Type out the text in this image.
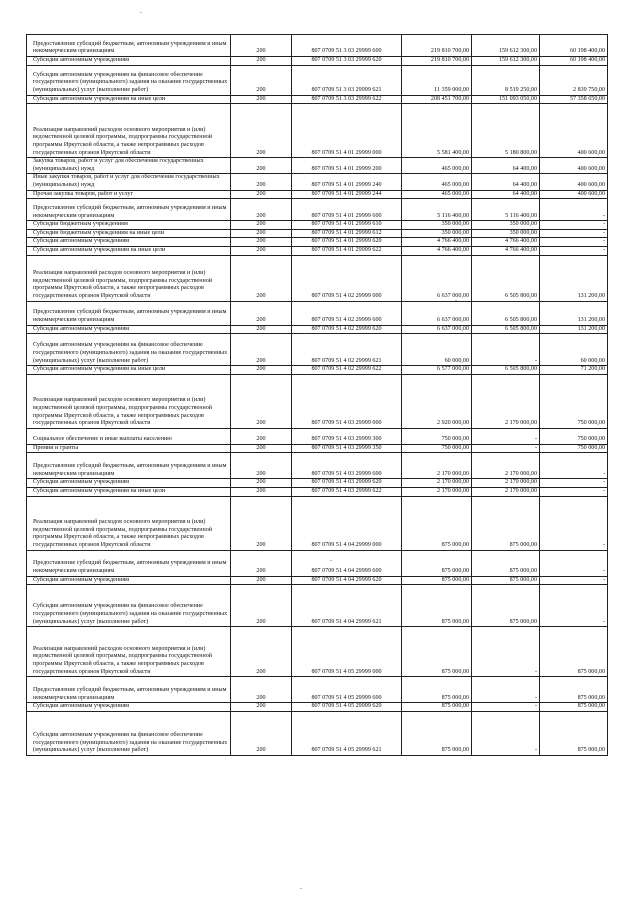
Предоставление субсидий бюджетным, автономным учреждениям и иным некоммерческим организациям	200	807 0709 51 3 03 29999 600	219 810 700,00	159 612 300,00	60 198 400,00
Субсидии автономным учреждениям	200	807 0709 51 3 03 29999 620	219 810 700,00	159 612 300,00	60 198 400,00
Субсидии автономным учреждениям на финансовое обеспечение государственного (муниципального) задания на оказание государственных (муниципальных) услуг (выполнение работ)	200	807 0709 51 3 03 29999 621	11 359 000,00	8 519 250,00	2 839 750,00
Субсидии автономным учреждениям на иные цели	200	807 0709 51 3 03 29999 622	208 451 700,00	151 093 050,00	57 358 650,00
Реализация направлений расходов основного мероприятия и (или) ведомственной целевой программы, подпрограммы государственной программы Иркутской области, а также непрограммных расходов государственных органов Иркутской области	200	807 0709 51 4 01 29999 000	5 581 400,00	5 180 800,00	400 600,00
Закупка товаров, работ и услуг для обеспечения государственных (муниципальных) нужд	200	807 0709 51 4 01 29999 200	465 000,00	64 400,00	400 600,00
Иные закупки товаров, работ и услуг для обеспечения государственных (муниципальных) нужд	200	807 0709 51 4 01 29999 240	465 000,00	64 400,00	400 600,00
Прочая закупка товаров, работ и услуг	200	807 0709 51 4 01 29999 244	465 000,00	64 400,00	400 600,00
Предоставление субсидий бюджетным, автономным учреждениям и иным некоммерческим организациям	200	807 0709 51 4 01 29999 600	5 116 400,00	5 116 400,00	-
Субсидии бюджетным учреждениям	200	807 0709 51 4 01 29999 610	350 000,00	350 000,00	-
Субсидии бюджетным учреждениям на иные цели	200	807 0709 51 4 01 29999 612	350 000,00	350 000,00	-
Субсидии автономным учреждениям	200	807 0709 51 4 01 29999 620	4 766 400,00	4 766 400,00	-
Субсидии автономным учреждениям на иные цели	200	807 0709 51 4 01 29999 622	4 766 400,00	4 766 400,00	-
Реализация направлений расходов основного мероприятия и (или) ведомственной целевой программы, подпрограммы государственной программы Иркутской области, а также непрограммных расходов государственных органов Иркутской области	200	807 0709 51 4 02 29999 000	6 637 000,00	6 505 800,00	131 200,00
Предоставление субсидий бюджетным, автономным учреждениям и иным некоммерческим организациям	200	807 0709 51 4 02 29999 600	6 637 000,00	6 505 800,00	131 200,00
Субсидии автономным учреждениям	200	807 0709 51 4 02 29999 620	6 637 000,00	6 505 800,00	131 200,00
Субсидии автономным учреждениям на финансовое обеспечение государственного (муниципального) задания на оказание государственных (муниципальных) услуг (выполнение работ)	200	807 0709 51 4 02 29999 621	60 000,00	-	60 000,00
Субсидии автономным учреждениям на иные цели	200	807 0709 51 4 02 29999 622	6 577 000,00	6 505 800,00	71 200,00
Реализация направлений расходов основного мероприятия и (или) ведомственной целевой программы, подпрограммы государственной программы Иркутской области, а также непрограммных расходов государственных органов Иркутской области	200	807 0709 51 4 03 29999 000	2 920 000,00	2 170 000,00	750 000,00
Социальное обеспечение и иные выплаты населению	200	807 0709 51 4 03 29999 300	750 000,00	-	750 000,00
Премии и гранты	200	807 0709 51 4 03 29999 350	750 000,00	-	750 000,00
Предоставление субсидий бюджетным, автономным учреждениям и иным некоммерческим организациям	200	807 0709 51 4 03 29999 600	2 170 000,00	2 170 000,00	-
Субсидии автономным учреждениям	200	807 0709 51 4 03 29999 620	2 170 000,00	2 170 000,00	-
Субсидии автономным учреждениям на иные цели	200	807 0709 51 4 03 29999 622	2 170 000,00	2 170 000,00	-
Реализация направлений расходов основного мероприятия и (или) ведомственной целевой программы, подпрограммы государственной программы Иркутской области, а также непрограммных расходов государственных органов Иркутской области	200	807 0709 51 4 04 29999 000	875 000,00	875 000,00	-
Предоставление субсидий бюджетным, автономным учреждениям и иным некоммерческим организациям	200	807 0709 51 4 04 29999 600	875 000,00	875 000,00	-
Субсидии автономным учреждениям	200	807 0709 51 4 04 29999 620	875 000,00	875 000,00	-
Субсидии автономным учреждениям на финансовое обеспечение государственного (муниципального) задания на оказание государственных (муниципальных) услуг (выполнение работ)	200	807 0709 51 4 04 29999 621	875 000,00	875 000,00	-
Реализация направлений расходов основного мероприятия и (или) ведомственной целевой программы, подпрограммы государственной программы Иркутской области, а также непрограммных расходов государственных органов Иркутской области	200	807 0709 51 4 05 29999 000	875 000,00	-	875 000,00
Предоставление субсидий бюджетным, автономным учреждениям и иным некоммерческим организациям	200	807 0709 51 4 05 29999 600	875 000,00	-	875 000,00
Субсидии автономным учреждениям	200	807 0709 51 4 05 29999 620	875 000,00	-	875 000,00
Субсидии автономным учреждениям на финансовое обеспечение государственного (муниципального) задания на оказание государственных (муниципальных) услуг (выполнение работ)	200	807 0709 51 4 05 29999 621	875 000,00	-	875 000,00
